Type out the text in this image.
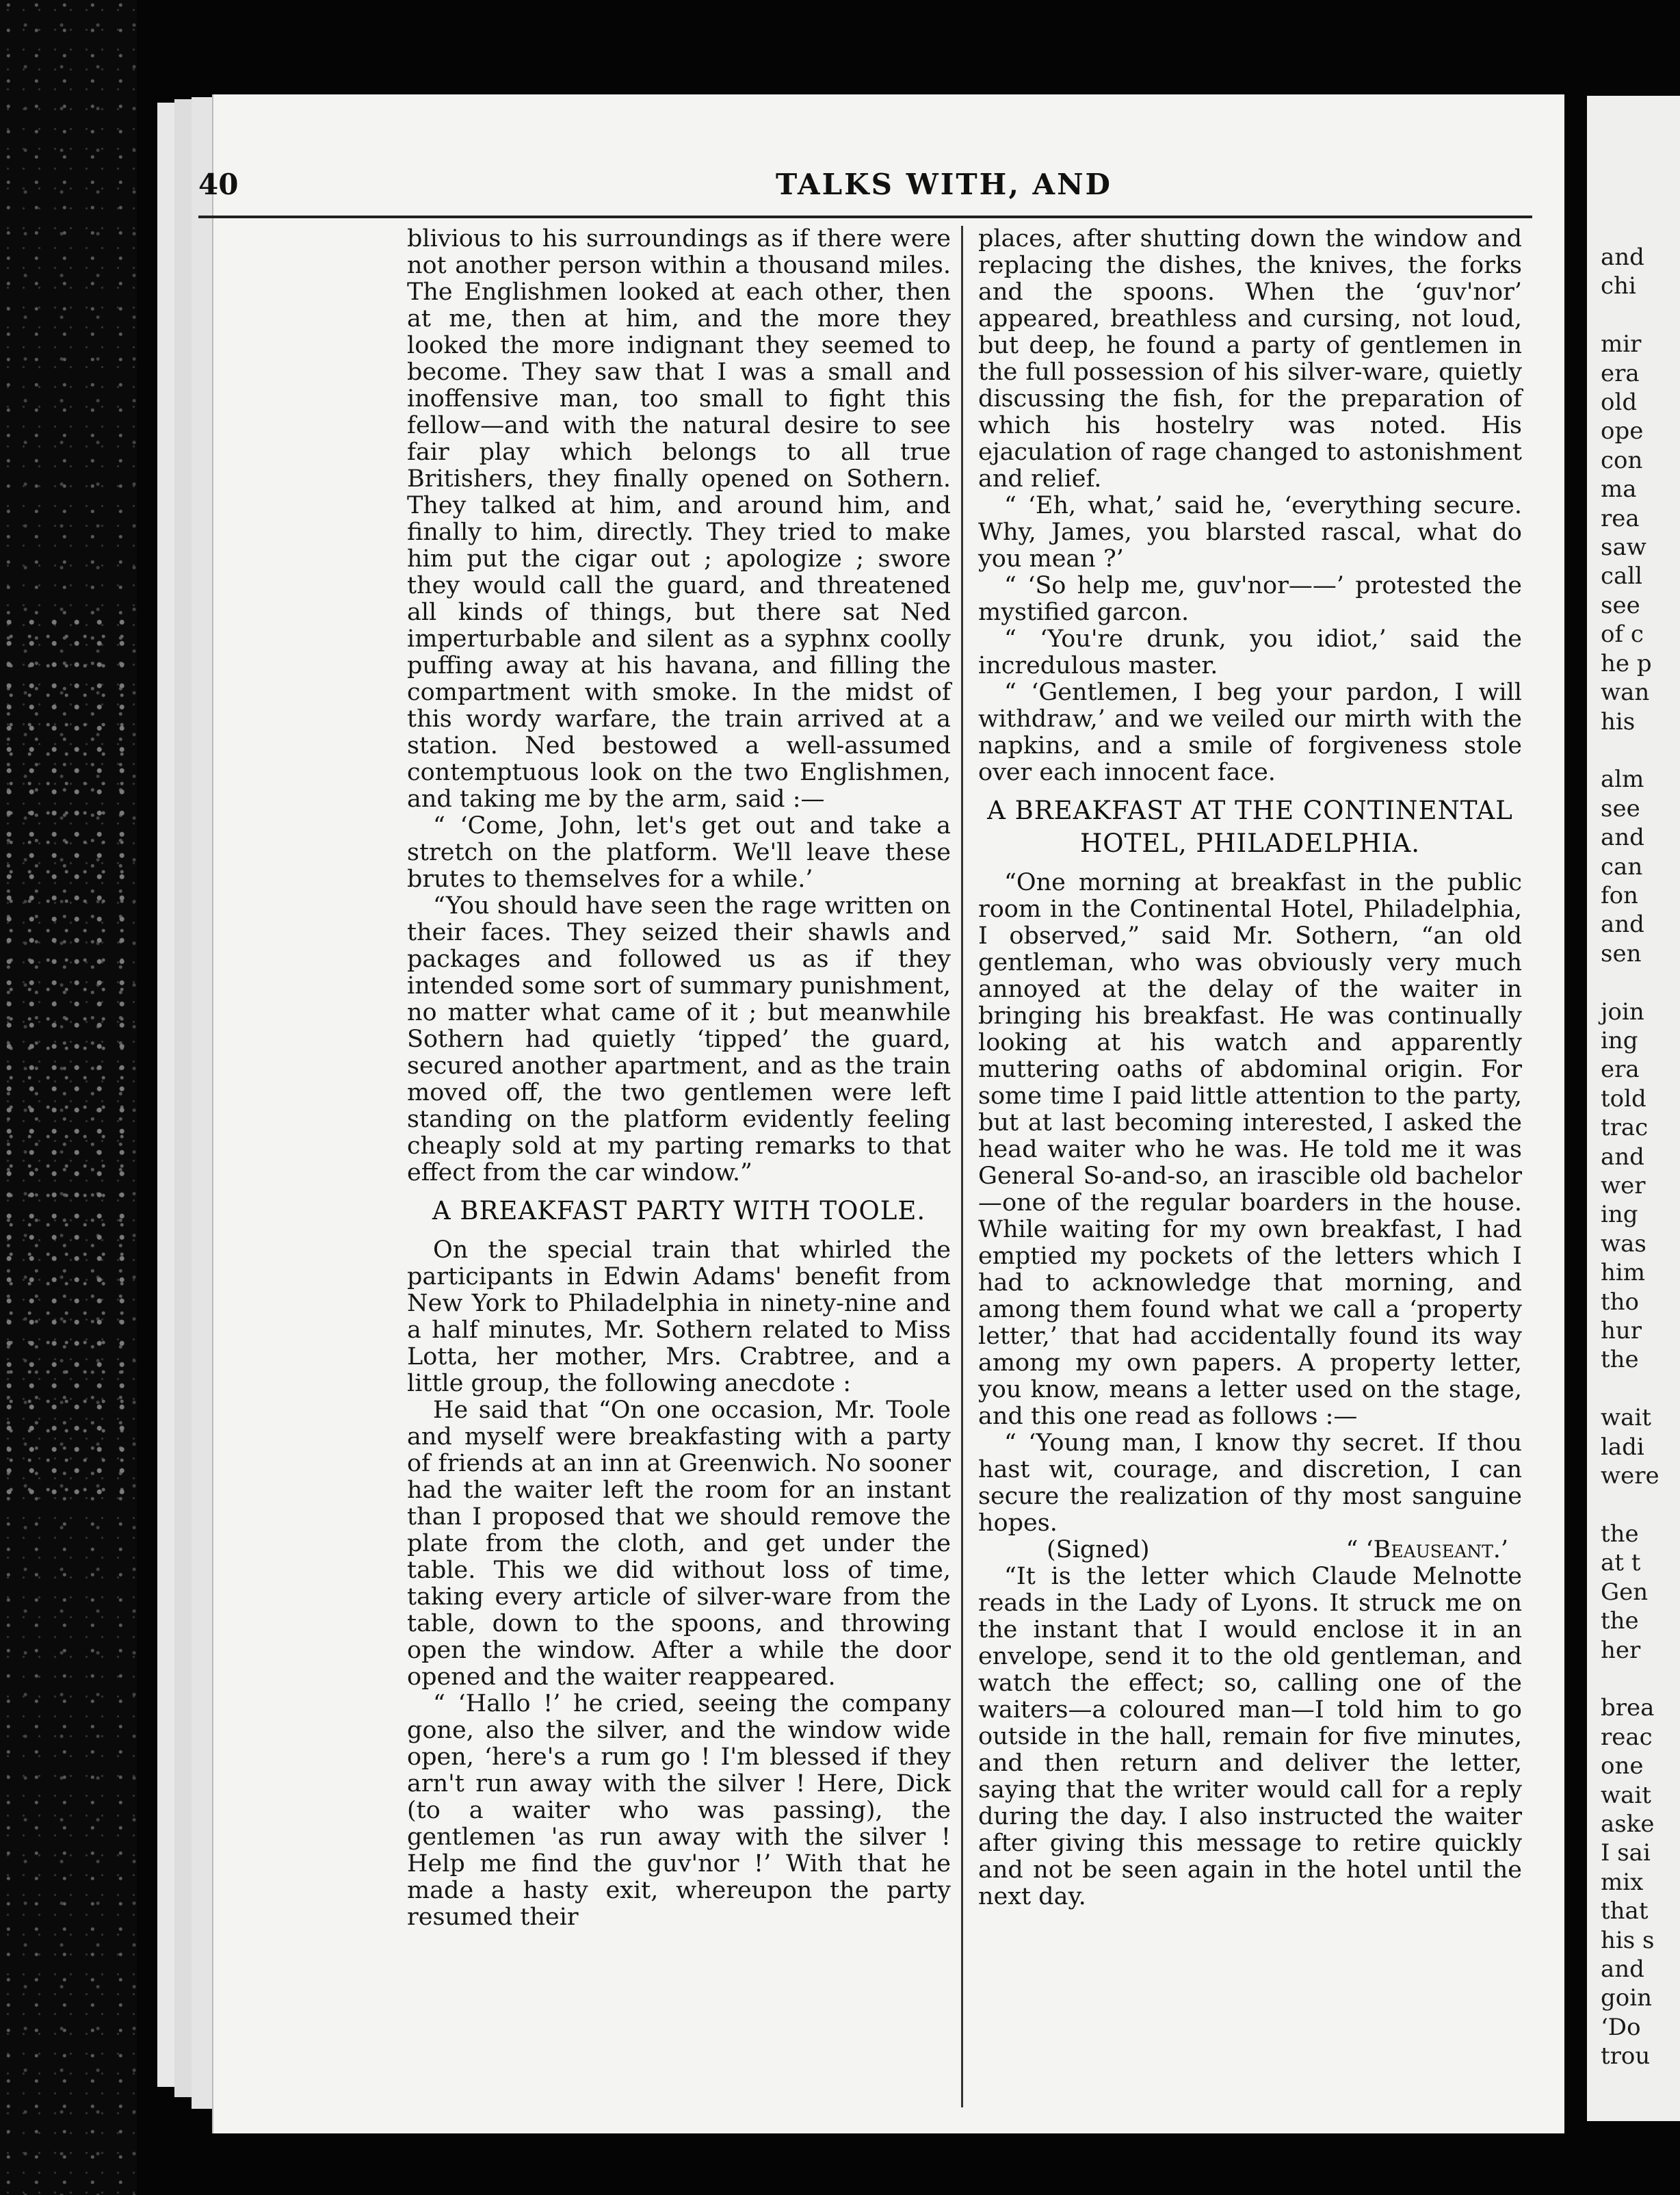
and
chi

mir
era
old
ope
con
ma
rea
saw
call
see
of c
he p
wan
his

alm
see
and
can
fon
and
sen

join
ing
era
told
trac
and
wer
ing
was
him
tho
hur
the

wait
ladi
were

the
at t
Gen
the
her

brea
reac
one
wait
aske
I sai
mix
that
his s
and
goin
‘Do
trou
40	TALKS WITH, AND

blivious to his surroundings as if there were not another person within a thousand miles. The Englishmen looked at each other, then at me, then at him, and the more they looked the more indignant they seemed to become. They saw that I was a small and inoffensive man, too small to fight this fellow—and with the natural desire to see fair play which belongs to all true Britishers, they finally opened on Sothern. They talked at him, and around him, and finally to him, directly. They tried to make him put the cigar out ; apologize ; swore they would call the guard, and threatened all kinds of things, but there sat Ned imperturbable and silent as a syphnx coolly puffing away at his havana, and filling the compartment with smoke. In the midst of this wordy warfare, the train arrived at a station. Ned bestowed a well-assumed contemptuous look on the two Englishmen, and taking me by the arm, said :—

“ ‘Come, John, let's get out and take a stretch on the platform. We'll leave these brutes to themselves for a while.’

“You should have seen the rage written on their faces. They seized their shawls and packages and followed us as if they intended some sort of summary punishment, no matter what came of it ; but meanwhile Sothern had quietly ‘tipped’ the guard, secured another apartment, and as the train moved off, the two gentlemen were left standing on the platform evidently feeling cheaply sold at my parting remarks to that effect from the car window.”

A BREAKFAST PARTY WITH TOOLE.

On the special train that whirled the participants in Edwin Adams' benefit from New York to Philadelphia in ninety-nine and a half minutes, Mr. Sothern related to Miss Lotta, her mother, Mrs. Crabtree, and a little group, the following anecdote :

He said that “On one occasion, Mr. Toole and myself were breakfasting with a party of friends at an inn at Greenwich. No sooner had the waiter left the room for an instant than I proposed that we should remove the plate from the cloth, and get under the table. This we did without loss of time, taking every article of silver-ware from the table, down to the spoons, and throwing open the window. After a while the door opened and the waiter reappeared.

“ ‘Hallo !’ he cried, seeing the company gone, also the silver, and the window wide open, ‘here's a rum go ! I'm blessed if they arn't run away with the silver ! Here, Dick (to a waiter who was passing), the gentlemen 'as run away with the silver ! Help me find the guv'nor !’ With that he made a hasty exit, whereupon the party resumed their

places, after shutting down the window and replacing the dishes, the knives, the forks and the spoons. When the ‘guv'nor’ appeared, breathless and cursing, not loud, but deep, he found a party of gentlemen in the full possession of his silver-ware, quietly discussing the fish, for the preparation of which his hostelry was noted. His ejaculation of rage changed to astonishment and relief.

“ ‘Eh, what,’ said he, ‘everything secure. Why, James, you blarsted rascal, what do you mean ?’

“ ‘So help me, guv'nor——’ protested the mystified garcon.

“ ‘You're drunk, you idiot,’ said the incredulous master.

“ ‘Gentlemen, I beg your pardon, I will withdraw,’ and we veiled our mirth with the napkins, and a smile of forgiveness stole over each innocent face.

A BREAKFAST AT THE CONTINENTAL HOTEL, PHILADELPHIA.

“One morning at breakfast in the public room in the Continental Hotel, Philadelphia, I observed,” said Mr. Sothern, “an old gentleman, who was obviously very much annoyed at the delay of the waiter in bringing his breakfast. He was continually looking at his watch and apparently muttering oaths of abdominal origin. For some time I paid little attention to the party, but at last becoming interested, I asked the head waiter who he was. He told me it was General So-and-so, an irascible old bachelor—one of the regular boarders in the house. While waiting for my own breakfast, I had emptied my pockets of the letters which I had to acknowledge that morning, and among them found what we call a ‘property letter,’ that had accidentally found its way among my own papers. A property letter, you know, means a letter used on the stage, and this one read as follows :—

“ ‘Young man, I know thy secret. If thou hast wit, courage, and discretion, I can secure the realization of thy most sanguine hopes.

(Signed)	“ ‘Beauseant.’

“It is the letter which Claude Melnotte reads in the Lady of Lyons. It struck me on the instant that I would enclose it in an envelope, send it to the old gentleman, and watch the effect; so, calling one of the waiters—a coloured man—I told him to go outside in the hall, remain for five minutes, and then return and deliver the letter, saying that the writer would call for a reply during the day. I also instructed the waiter after giving this message to retire quickly and not be seen again in the hotel until the next day.
